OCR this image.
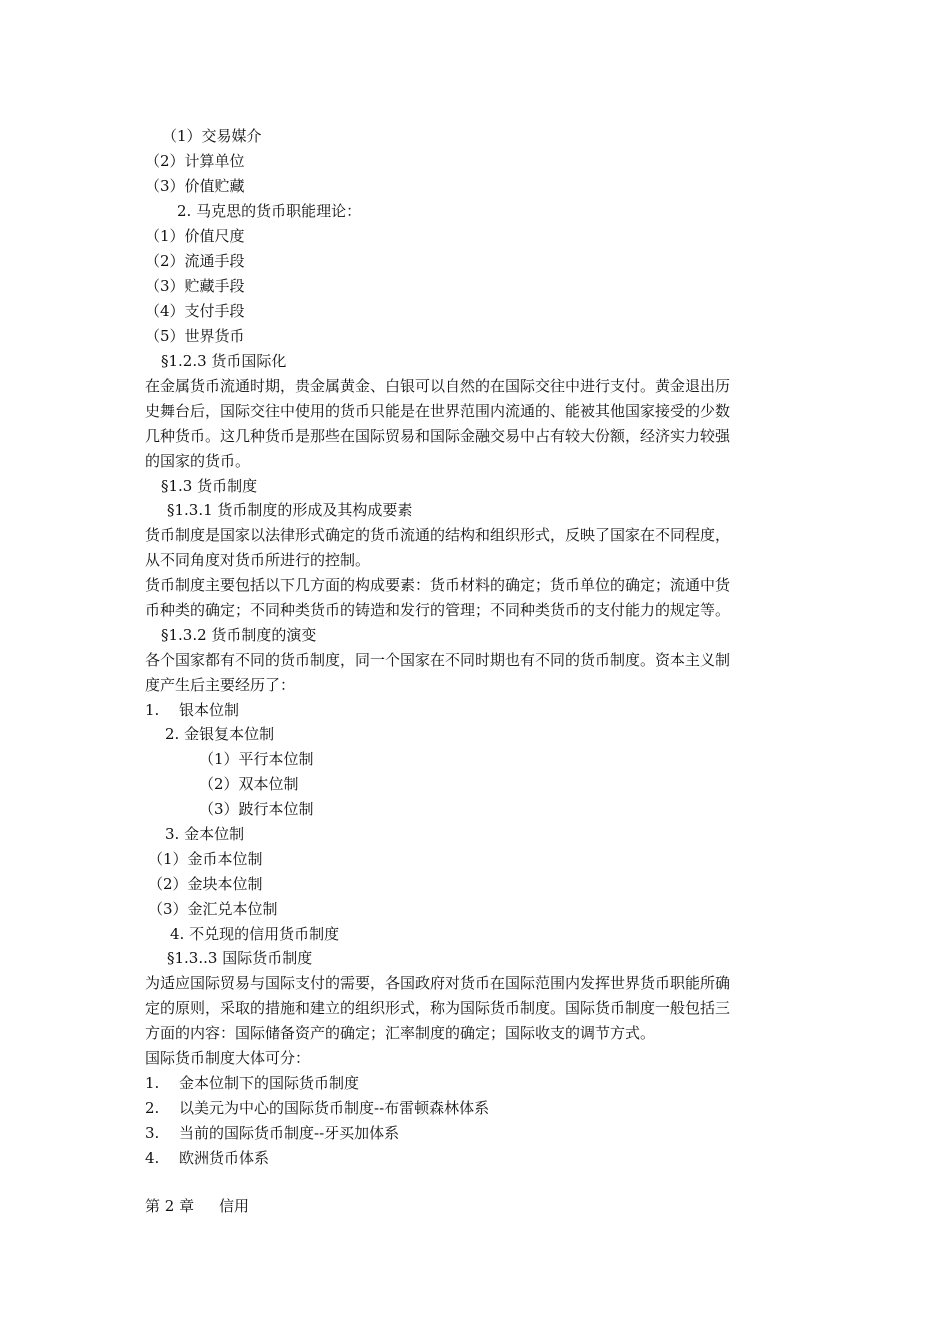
（1）交易媒介
（2）计算单位
（3）价值贮藏
2. 马克思的货币职能理论：
（1）价值尺度
（2）流通手段
（3）贮藏手段
（4）支付手段
（5）世界货币
§1.2.3 货币国际化
在金属货币流通时期，贵金属黄金、白银可以自然的在国际交往中进行支付。黄金退出历
史舞台后，国际交往中使用的货币只能是在世界范围内流通的、能被其他国家接受的少数
几种货币。这几种货币是那些在国际贸易和国际金融交易中占有较大份额，经济实力较强
的国家的货币。
§1.3 货币制度
§1.3.1 货币制度的形成及其构成要素
货币制度是国家以法律形式确定的货币流通的结构和组织形式，反映了国家在不同程度，
从不同角度对货币所进行的控制。
货币制度主要包括以下几方面的构成要素：货币材料的确定；货币单位的确定；流通中货
币种类的确定；不同种类货币的铸造和发行的管理；不同种类货币的支付能力的规定等。
§1.3.2 货币制度的演变
各个国家都有不同的货币制度，同一个国家在不同时期也有不同的货币制度。资本主义制
度产生后主要经历了：
1. 银本位制
2. 金银复本位制
（1）平行本位制
（2）双本位制
（3）跛行本位制
3. 金本位制
（1）金币本位制
（2）金块本位制
（3）金汇兑本位制
4. 不兑现的信用货币制度
§1.3..3 国际货币制度
为适应国际贸易与国际支付的需要，各国政府对货币在国际范围内发挥世界货币职能所确
定的原则，采取的措施和建立的组织形式，称为国际货币制度。国际货币制度一般包括三
方面的内容：国际储备资产的确定；汇率制度的确定；国际收支的调节方式。
国际货币制度大体可分：
1. 金本位制下的国际货币制度
2. 以美元为中心的国际货币制度--布雷顿森林体系
3. 当前的国际货币制度--牙买加体系
4. 欧洲货币体系
第 2 章 信用
